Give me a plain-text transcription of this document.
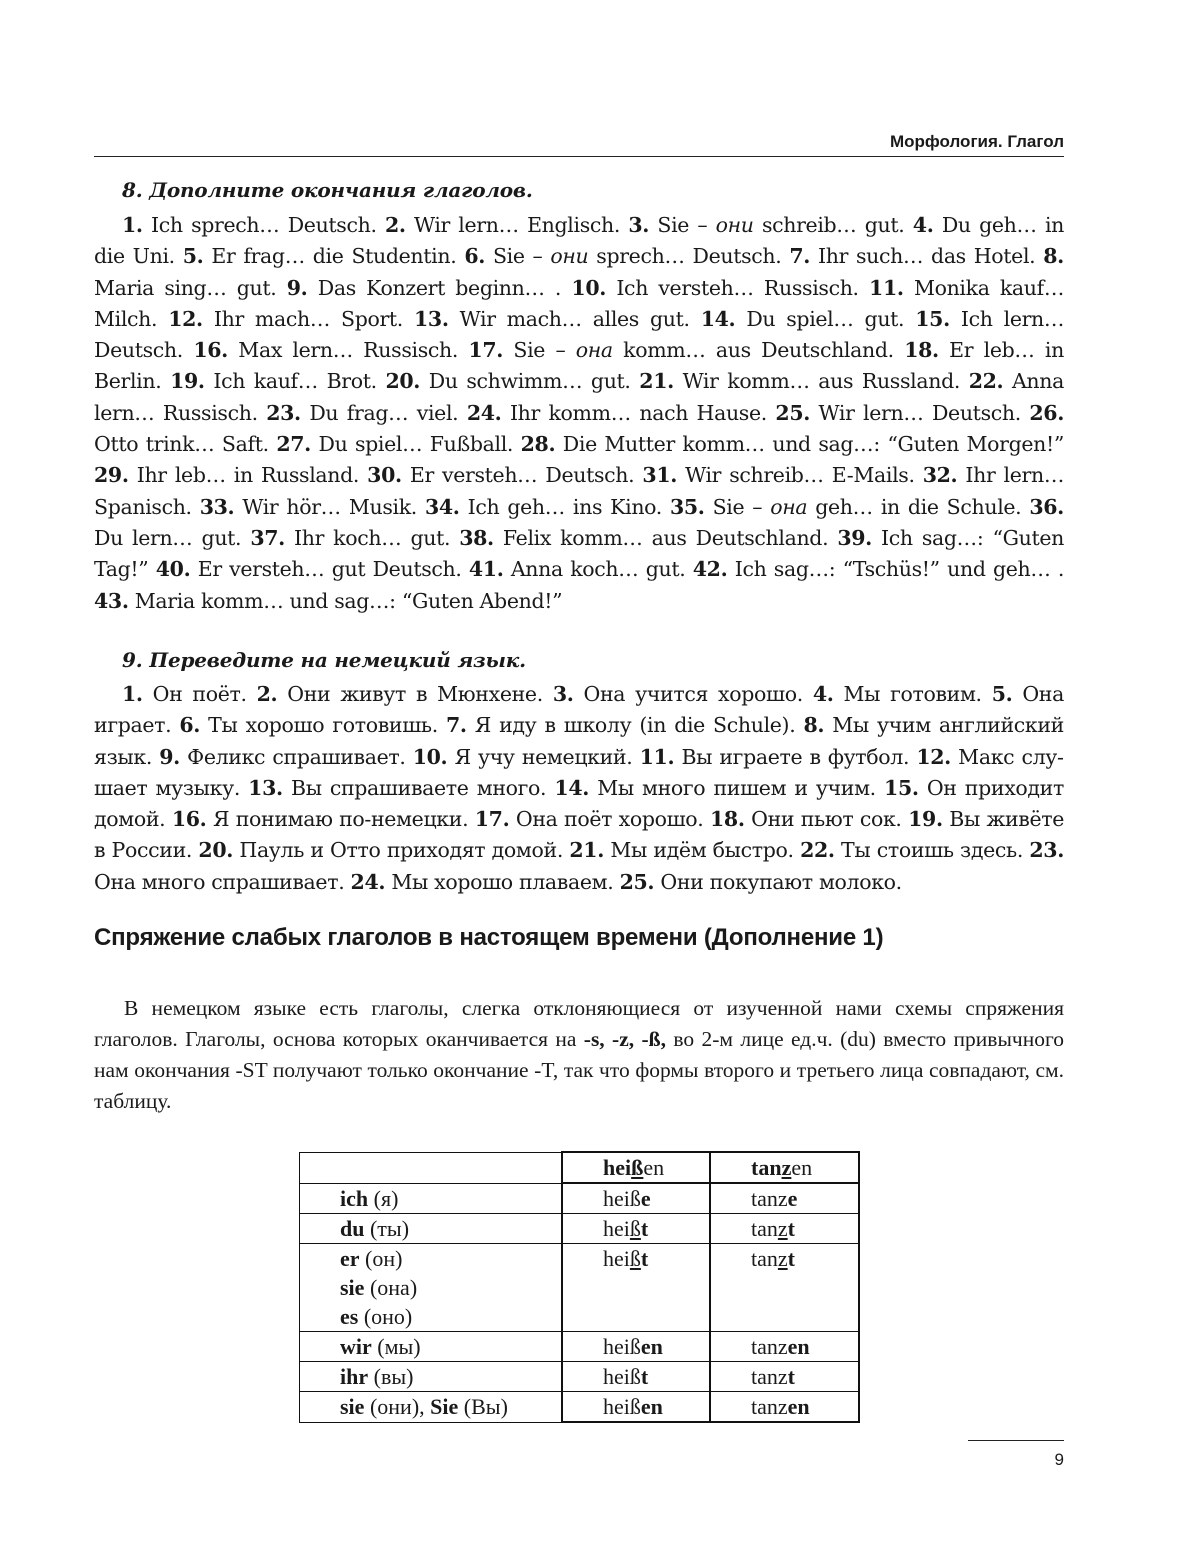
Морфология. Глагол
8. Дополните окончания глаголов.

1. Ich sprech… Deutsch. 2. Wir lern… Englisch. 3. Sie – они schreib… gut. 4. Du geh… in die Uni. 5. Er frag… die Studentin. 6. Sie – они sprech… Deutsch. 7. Ihr such… das Hotel. 8. Maria sing… gut. 9. Das Konzert beginn… . 10. Ich versteh… Russisch. 11. Monika kauf… Milch. 12. Ihr mach… Sport. 13. Wir mach… alles gut. 14. Du spiel… gut. 15. Ich lern… Deutsch. 16. Max lern… Russisch. 17. Sie – она komm… aus Deutschland. 18. Er leb… in Berlin. 19. Ich kauf… Brot. 20. Du schwimm… gut. 21. Wir komm… aus Russland. 22. Anna lern… Russisch. 23. Du frag… viel. 24. Ihr komm… nach Hause. 25. Wir lern… Deutsch. 26. Otto trink… Saft. 27. Du spiel… Fußball. 28. Die Mutter komm… und sag…: “Guten Morgen!” 29. Ihr leb… in Russland. 30. Er versteh… Deutsch. 31. Wir schreib… E-Mails. 32. Ihr lern… Spanisch. 33. Wir hör… Musik. 34. Ich geh… ins Kino. 35. Sie – она geh… in die Schule. 36. Du lern… gut. 37. Ihr koch… gut. 38. Felix komm… aus Deutschland. 39. Ich sag…: “Guten Tag!” 40. Er versteh… gut Deutsch. 41. Anna koch… gut. 42. Ich sag…: “Tschüs!” und geh… . 43. Maria komm… und sag…: “Guten Abend!”

9. Переведите на немецкий язык.

1. Он поёт. 2. Они живут в Мюнхене. 3. Она учится хорошо. 4. Мы готовим. 5. Она играет. 6. Ты хорошо готовишь. 7. Я иду в школу (in die Schule). 8. Мы учим английский язык. 9. Феликс спрашивает. 10. Я учу немецкий. 11. Вы играете в футбол. 12. Макс слушает музыку. 13. Вы спрашиваете много. 14. Мы много пишем и учим. 15. Он приходит домой. 16. Я понимаю по-немецки. 17. Она поёт хорошо. 18. Они пьют сок. 19. Вы живёте в России. 20. Пауль и Отто приходят домой. 21. Мы идём быстро. 22. Ты стоишь здесь. 23. Она много спрашивает. 24. Мы хорошо плаваем. 25. Они покупают молоко.

Спряжение слабых глаголов в настоящем времени (Дополнение 1)

В немецком языке есть глаголы, слегка отклоняющиеся от изученной нами схемы спряжения глаголов. Глаголы, основа которых оканчивается на -s, -z, -ß, во 2-м лице ед.ч. (du) вместо привычного нам окончания -ST получают только окончание -T, так что формы второго и третьего лица совпадают, см. таблицу.

	heißen	tanzen
ich (я)	heiße	tanze
du (ты)	heißt	tanzt
er (он)
sie (она)
es (оно)	heißt	tanzt
wir (мы)	heißen	tanzen
ihr (вы)	heißt	tanzt
sie (они), Sie (Вы)	heißen	tanzen
9
